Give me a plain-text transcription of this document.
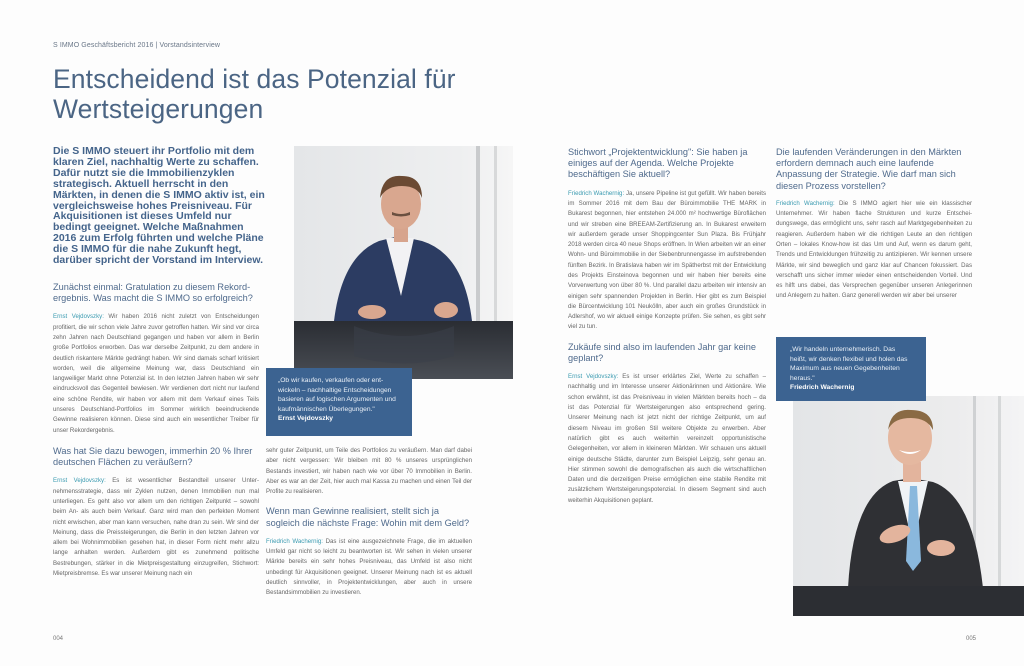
S IMMO Geschäftsbericht 2016 | Vorstandsinterview
Entscheidend ist das Potenzial für Wertsteigerungen
Die S IMMO steuert ihr Portfolio mit dem klaren Ziel, nachhaltig Werte zu schaffen. Dafür nutzt sie die Immobilienzyklen strategisch. Aktuell herrscht in den Märkten, in denen die S IMMO aktiv ist, ein vergleichsweise hohes Preisniveau. Für Akquisitionen ist dieses Umfeld nur bedingt geeignet. Welche Maßnahmen 2016 zum Erfolg führten und welche Pläne die S IMMO für die nahe Zukunft hegt, darüber spricht der Vorstand im Interview.
Zunächst einmal: Gratulation zu diesem Rekordergebnis. Was macht die S IMMO so erfolgreich?

Ernst Vejdovszky: Wir haben 2016 nicht zuletzt von Entscheidungen profitiert, die wir schon viele Jahre zuvor getroffen hatten. Wir sind vor circa zehn Jahren nach Deutschland gegangen und haben vor allem in Berlin große Portfolios erworben. Das war derselbe Zeitpunkt, zu dem andere in deutlich riskantere Märkte gedrängt haben. Wir sind damals scharf kritisiert worden, weil die allgemeine Meinung war, dass Deutschland ein langweiliger Markt ohne Potenzial ist. In den letzten Jahren haben wir sehr eindrucksvoll das Gegenteil bewiesen. Wir verdienen dort nicht nur laufend eine schöne Rendite, wir haben vor allem mit dem Verkauf eines Teils unseres Deutschland-Portfolios im Sommer wirklich beeindruckende Gewinne realisieren können. Diese sind auch ein wesentlicher Treiber für unser Rekordergebnis.

Was hat Sie dazu bewogen, immerhin 20 % Ihrer deutschen Flächen zu veräußern?

Ernst Vejdovszky: Es ist wesentlicher Bestandteil unserer Unternehmensstrategie, dass wir Zyklen nutzen, denen Immobilien nun mal unterliegen. Es geht also vor allem um den richtigen Zeitpunkt – sowohl beim An- als auch beim Verkauf. Ganz wird man den perfekten Moment nicht erwischen, aber man kann versuchen, nahe dran zu sein. Wir sind der Meinung, dass die Preissteigerungen, die Berlin in den letzten Jahren vor allem bei Wohnimmobilien gesehen hat, in dieser Form nicht mehr allzu lange anhalten werden. Außerdem gibt es zunehmend politische Bestrebungen, stärker in die Mietpreisgestaltung einzugreifen, Stichwort: Mietpreisbremse. Es war unserer Meinung nach ein

„Ob wir kaufen, verkaufen oder entwickeln – nachhaltige Entscheidungen basieren auf logischen Argumenten und kaufmännischen Überlegungen."
Ernst Vejdovszky

sehr guter Zeitpunkt, um Teile des Portfolios zu veräußern. Man darf dabei aber nicht vergessen: Wir bleiben mit 80 % unseres ursprünglichen Bestands investiert, wir haben nach wie vor über 70 Immobilien in Berlin. Aber es war an der Zeit, hier auch mal Kassa zu machen und einen Teil der Profite zu realisieren.

Wenn man Gewinne realisiert, stellt sich ja sogleich die nächste Frage: Wohin mit dem Geld?

Friedrich Wachernig: Das ist eine ausgezeichnete Frage, die im aktuellen Umfeld gar nicht so leicht zu beantworten ist. Wir sehen in vielen unserer Märkte bereits ein sehr hohes Preisniveau, das Umfeld ist also nicht unbedingt für Akquisitionen geeignet. Unserer Meinung nach ist es aktuell deutlich sinnvoller, in Projektentwicklungen, aber auch in unsere Bestandsimmobilien zu investieren.

Stichwort „Projektentwicklung": Sie haben ja einiges auf der Agenda. Welche Projekte beschäftigen Sie aktuell?

Friedrich Wachernig: Ja, unsere Pipeline ist gut gefüllt. Wir haben bereits im Sommer 2016 mit dem Bau der Büroimmobilie THE MARK in Bukarest begonnen, hier entstehen 24.000 m² hochwertige Büroflächen und wir streben eine BREEAM-Zertifizierung an. In Bukarest erweitern wir außerdem gerade unser Shoppingcenter Sun Plaza. Bis Frühjahr 2018 werden circa 40 neue Shops eröffnen. In Wien arbeiten wir an einer Wohn- und Büroimmobilie in der Siebenbrunnengasse im aufstrebenden fünften Bezirk. In Bratislava haben wir im Spätherbst mit der Entwicklung des Projekts Einsteinova begonnen und wir haben hier bereits eine Vorverwertung von über 80 %. Und parallel dazu arbeiten wir intensiv an einigen sehr spannenden Projekten in Berlin. Hier gibt es zum Beispiel die Bürcentwicklung 101 Neukölln, aber auch ein großes Grundstück in Adlershof, wo wir aktuell einige Konzepte prüfen. Sie sehen, es gibt sehr viel zu tun.

Zukäufe sind also im laufenden Jahr gar keine geplant?

Ernst Vejdovszky: Es ist unser erklärtes Ziel, Werte zu schaffen – nachhaltig und im Interesse unserer Aktionärinnen und Aktionäre. Wie schon erwähnt, ist das Preisniveau in vielen Märkten bereits hoch – da ist das Potenzial für Wertsteigerungen also entsprechend gering. Unserer Meinung nach ist jetzt nicht der richtige Zeitpunkt, um auf diesem Niveau im großen Stil weitere Objekte zu erwerben. Aber natürlich gibt es auch weiterhin vereinzelt opportunistische Gelegenheiten, vor allem in kleineren Märkten. Wir schauen uns aktuell einige deutsche Städte, darunter zum Beispiel Leipzig, sehr genau an. Hier stimmen sowohl die demografischen als auch die wirtschaftlichen Daten und die derzeitigen Preise ermöglichen eine stabile Rendite mit zusätzlichem Wertsteigerungspotenzial. In diesem Segment sind auch weiterhin Akquisitionen geplant.

Die laufenden Veränderungen in den Märkten erfordern demnach auch eine laufende Anpassung der Strategie. Wie darf man sich diesen Prozess vorstellen?

Friedrich Wachernig: Die S IMMO agiert hier wie ein klassischer Unternehmer. Wir haben flache Strukturen und kurze Entscheidungswege, das ermöglicht uns, sehr rasch auf Marktgegebenheiten zu reagieren. Außerdem haben wir die richtigen Leute an den richtigen Orten – lokales Know-how ist das Um und Auf, wenn es darum geht, Trends und Entwicklungen frühzeitig zu antizipieren. Wir kennen unsere Märkte, wir sind beweglich und ganz klar auf Chancen fokussiert. Das verschafft uns sicher immer wieder einen entscheidenden Vorteil. Und es hilft uns dabei, das Versprechen gegenüber unseren Anlegerinnen und Anlegern zu halten. Ganz generell werden wir aber bei unserer

„Wir handeln unternehmerisch. Das heißt, wir denken flexibel und holen das Maximum aus neuen Gegebenheiten heraus."
Friedrich Wachernig
004	005
